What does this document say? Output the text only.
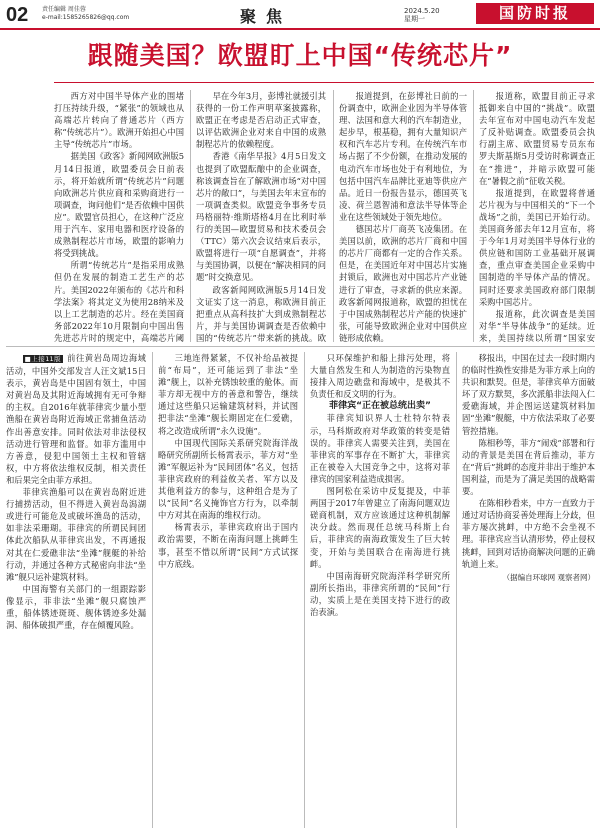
02 责任编辑 周佳蓉
e-mail:1585265826@qq.com	聚焦	2024.5.20
星期一	国防时报
跟随美国？欧盟盯上中国“传统芯片”

西方对中国半导体产业的围堵打压持续升级，“紧张”的领域也从高端芯片转向了普通芯片（西方称“传统芯片”）。欧洲开始担心中国主导“传统芯片”市场。

据美国《政客》新闻网欧洲版5月14日报道，欧盟委员会日前表示，将开始就所谓“传统芯片”问题向欧洲芯片供应商和采购商进行一项调查，询问他们“是否依赖中国供应”。欧盟官员担心，在这种广泛应用于汽车、家用电器和医疗设备的成熟制程芯片市场，欧盟的影响力将受到挑战。

所谓“传统芯片”是指采用成熟但仍在发展的制造工艺生产的芯片。美国2022年颁布的《芯片和科学法案》将其定义为使用28纳米及以上工艺制造的芯片。经在美国商务部2022年10月限制向中国出售先进芯片时的规定中，高端芯片阈

早在今年3月，彭博社就援引其获得的一份工作声明草案披露称，欧盟正在考虑是否启动正式审查，以评估欧洲企业对来自中国的成熟制程芯片的依赖程度。

香港《南华早报》4月5日发文也提到了欧盟酝酿中的企业调查，称该调查旨在了解欧洲市场“对中国芯片的敞口”，与美国去年末宣布的一项调查类似。欧盟竞争事务专员玛格丽特·维斯塔格4月在比利时举行的美国—欧盟贸易和技术委员会（TTC）第六次会议结束后表示，欧盟将进行一项“自愿调查”，并将与美国协调，以便在“解决相同的问题”时交换意见。

政客新闻网欧洲版5月14日发文证实了这一消息，称欧洲目前正把重点从高科技扩大到成熟制程芯片，并与美国协调调查是否依赖中国的“传统芯片”带来新的挑战。欧

报道提到，在彭博社日前的一份调查中，欧洲企业因为半导体管理、法国和意大利的汽车制造业，起步早，根基稳，拥有大量知识产权和汽车芯片专利。在传统汽车市场占据了不少份额，在推动发展的电动汽车市场也处于有利地位，为包括中国汽车品牌比亚迪等供应产品。近日一份报告显示，德国英飞凌、荷兰恩智浦和意法半导体等企业在这些领域处于领先地位。

德国芯片厂商英飞凌集团。在美国以前，欧洲的芯片厂商和中国的芯片厂商都有一定的合作关系。但是，在美国近年对中国芯片实施封锁后，欧洲也对中国芯片产业链进行了审查，寻求新的供应来源。政客新闻网报道称，欧盟的担忧在于中国成熟制程芯片产能的快速扩张，可能导致欧洲企业对中国供应链形成依赖。

报道称，欧盟目前正寻求抵御来自中国的“挑战”。欧盟去年宣布对中国电动汽车发起了反补贴调查。欧盟委员会执行副主席、欧盟贸易专员东布罗夫斯基斯5月受访时称调查正在“推进”，并暗示欧盟可能在“暑假之前”征收关税。

报道提到，在欧盟将普通芯片视为与中国相关的“下一个战场”之前，美国已开始行动。美国商务部去年12月宣布，将于今年1月对美国半导体行业的供应链和国防工业基础开展调查，重点审查美国企业采购中国制造的半导体产品的情况。同时还要求美国政府部门限制采购中国芯片。

报道称，此次调查是美国对华“半导体战争”的延续。近来，美国持续以所谓“国家安

■上接11版 前往黄岩岛周边海域活动，中国外交部发言人汪文斌15日表示，黄岩岛是中国固有领土，中国对黄岩岛及其附近海域拥有无可争辩的主权。自2016年就菲律宾少量小型渔船在黄岩岛附近海域正常捕鱼活动作出善意安排。同时依法对非法侵权活动进行管理和监督。如菲方滥用中方善意，侵犯中国领土主权和管辖权，中方将依法维权反制，相关责任和后果完全由菲方承担。

菲律宾渔船可以在黄岩岛附近进行捕捞活动，但不得进入黄岩岛潟湖或进行可能危及或破坏渔岛的活动，如非法采珊瑚。菲律宾的所谓民间团体此次船队从菲律宾出发，不再通报对其在仁爱礁非法“坐滩”舰艇的补给行动，并通过各种方式秘密向非法“坐滩”舰只运补建筑材料。

中国海警有关部门的一组跟踪影像显示，菲非法“坐滩”舰只腐蚀严重，船体锈迹斑斑、舰体锈迹多处漏洞、船体破损严重，存在倾覆风险。

三地连得紧紧，不仅补给品被提前“布局”，还可能运到了非法“坐滩”舰上，以补充锈蚀较重的舱体。而菲方却无视中方的善意和警告，继续通过这些船只运输建筑材料，并试图把非法“坐滩”舰长期固定在仁爱礁，将之改造成所谓“永久设施”。

中国现代国际关系研究院海洋战略研究所副所长杨霄表示，菲方对“坐滩”军舰运补为“民间团体”名义，包括菲律宾政府的利益攸关者、军方以及其他利益方的参与，这种组合是为了以“民间”名义掩饰官方行为，以牵制中方对其在南海的维权行动。

杨霄表示，菲律宾政府出于国内政治需要，不断在南海问题上挑衅生事，甚至不惜以所谓“民间”方式试探中方底线。

只环保维护和船上排污处理，将大量自然发生和人为制造的污染物直接排入周边礁盘和海域中，是极其不负责任和反文明的行为。

菲律宾“正在被总统出卖”

菲律宾知识界人士杜特尔特表示，马科斯政府对华政策的转变是错误的。菲律宾人需要关注到，美国在菲律宾的军事存在不断扩大，菲律宾正在被卷入大国竞争之中，这将对菲律宾的国家利益造成损害。

图阿松在采访中反复提及，中菲两国于2017年曾建立了南海问题双边磋商机制，双方应该通过这种机制解决分歧。然而现任总统马科斯上台后，菲律宾的南海政策发生了巨大转变，开始与美国联合在南海进行挑衅。

中国南海研究院海洋科学研究所副所长指出，菲律宾所谓的“民间”行动，实质上是在美国支持下进行的政治表演。

移报出，中国在过去一段时期内的临时性换性安排是为菲方承上向的共识和默契。但是，菲律宾单方面破坏了双方默契，多次派船非法闯入仁爱礁海域，并企图运送建筑材料加固“坐滩”舰艇，中方依法采取了必要管控措施。

陈相秒等，菲方“闹戏”部署和行动的背景是美国在背后推动，菲方在“背后”挑衅的态度并非出于维护本国利益，而是为了满足美国的战略需要。

在陈相秒看来，中方一直致力于通过对话协商妥善处理海上分歧，但菲方屡次挑衅，中方绝不会坐视不理。菲律宾应当认清形势，停止侵权挑衅，回到对话协商解决问题的正确轨道上来。

（据编自环球网 观察者网）
